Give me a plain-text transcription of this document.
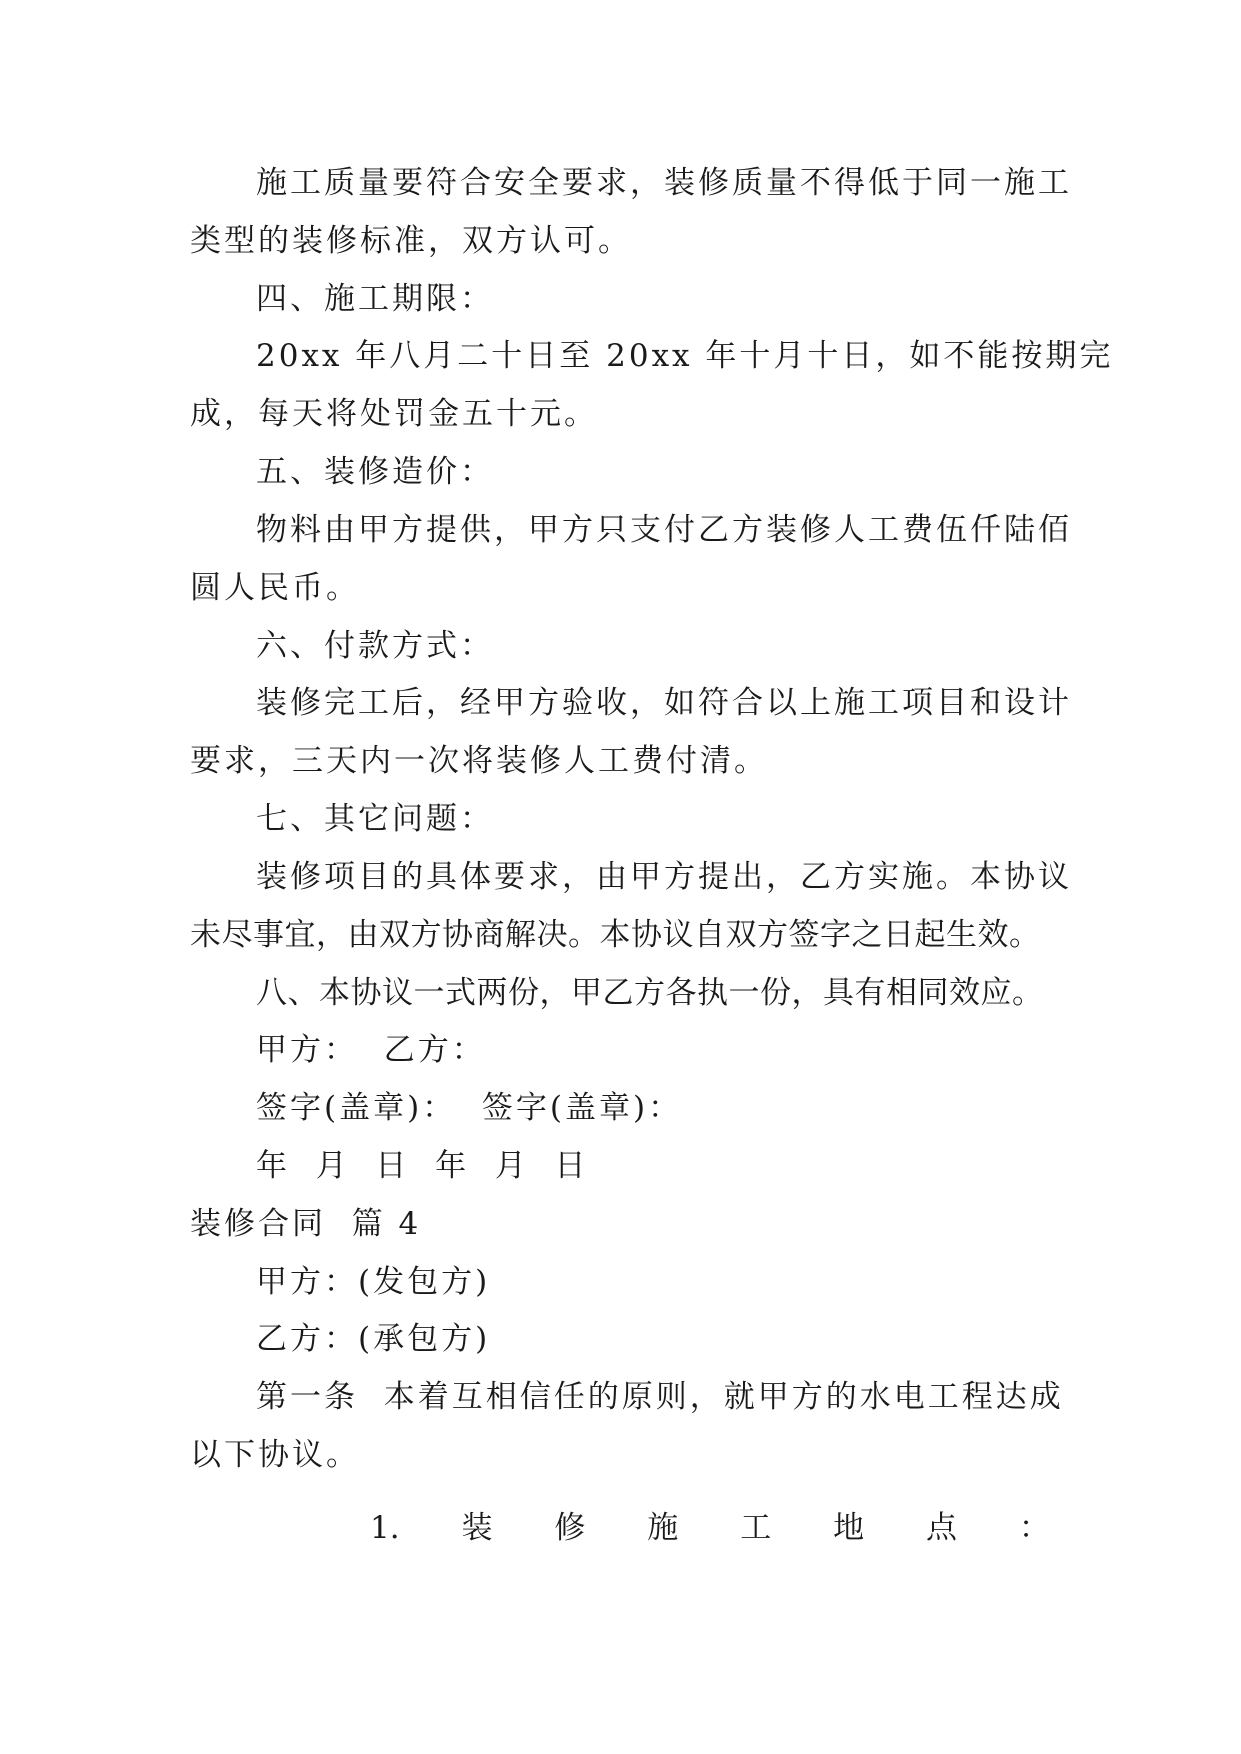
施工质量要符合安全要求，装修质量不得低于同一施工
类型的装修标准，双方认可。
四、施工期限：
20xx 年八月二十日至 20xx 年十月十日，如不能按期完
成，每天将处罚金五十元。
五、装修造价：
物料由甲方提供，甲方只支付乙方装修人工费伍仟陆佰
圆人民币。
六、付款方式：
装修完工后，经甲方验收，如符合以上施工项目和设计
要求，三天内一次将装修人工费付清。
七、其它问题：
装修项目的具体要求，由甲方提出，乙方实施。本协议
未尽事宜，由双方协商解决。本协议自双方签字之日起生效。
八、本协议一式两份，甲乙方各执一份，具有相同效应。
甲方：  乙方：
签字(盖章)：  签字(盖章)：
年  月  日  年  月  日
装修合同  篇 4
甲方：(发包方)
乙方：(承包方)
第一条  本着互相信任的原则，就甲方的水电工程达成
以下协议。
1. 装 修 施 工 地 点 ：
